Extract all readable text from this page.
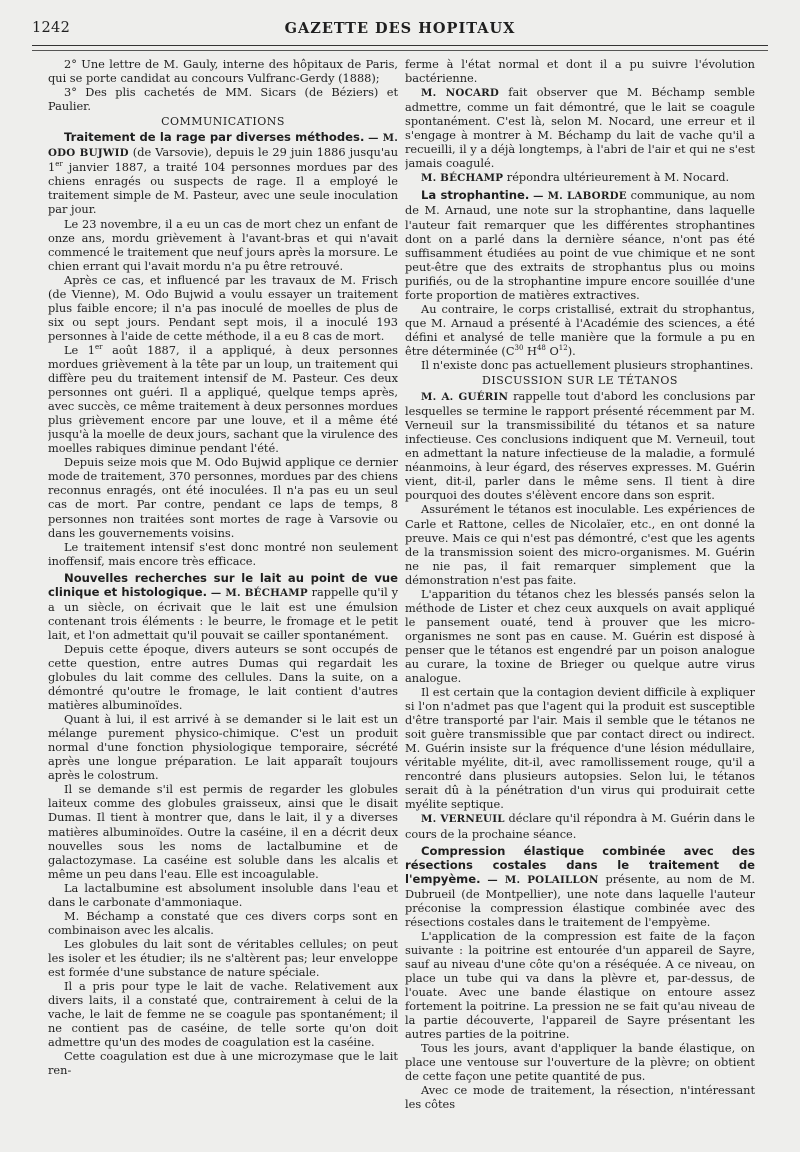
1242	GAZETTE DES HOPITAUX

2° Une lettre de M. Gauly, interne des hôpitaux de Paris, qui se porte candidat au concours Vulfranc-Gerdy (1888);

3° Des plis cachetés de MM. Sicars (de Béziers) et Paulier.

COMMUNICATIONS

Traitement de la rage par diverses méthodes. — M. ODO BUJWID (de Varsovie), depuis le 29 juin 1886 jusqu'au 1er janvier 1887, a traité 104 personnes mordues par des chiens enragés ou suspects de rage. Il a employé le traitement simple de M. Pasteur, avec une seule inoculation par jour.

Le 23 novembre, il a eu un cas de mort chez un enfant de onze ans, mordu grièvement à l'avant-bras et qui n'avait commencé le traitement que neuf jours après la morsure. Le chien errant qui l'avait mordu n'a pu être retrouvé.

Après ce cas, et influencé par les travaux de M. Frisch (de Vienne), M. Odo Bujwid a voulu essayer un traitement plus faible encore; il n'a pas inoculé de moelles de plus de six ou sept jours. Pendant sept mois, il a inoculé 193 personnes à l'aide de cette méthode, il a eu 8 cas de mort.

Le 1er août 1887, il a appliqué, à deux personnes mordues grièvement à la tête par un loup, un traitement qui diffère peu du traitement intensif de M. Pasteur. Ces deux personnes ont guéri. Il a appliqué, quelque temps après, avec succès, ce même traitement à deux personnes mordues plus grièvement encore par une louve, et il a même été jusqu'à la moelle de deux jours, sachant que la virulence des moelles rabiques diminue pendant l'été.

Depuis seize mois que M. Odo Bujwid applique ce dernier mode de traitement, 370 personnes, mordues par des chiens reconnus enragés, ont été inoculées. Il n'a pas eu un seul cas de mort. Par contre, pendant ce laps de temps, 8 personnes non traitées sont mortes de rage à Varsovie ou dans les gouvernements voisins.

Le traitement intensif s'est donc montré non seulement inoffensif, mais encore très efficace.

Nouvelles recherches sur le lait au point de vue clinique et histologique. — M. BÉCHAMP rappelle qu'il y a un siècle, on écrivait que le lait est une émulsion contenant trois éléments : le beurre, le fromage et le petit lait, et l'on admettait qu'il pouvait se cailler spontanément.

Depuis cette époque, divers auteurs se sont occupés de cette question, entre autres Dumas qui regardait les globules du lait comme des cellules. Dans la suite, on a démontré qu'outre le fromage, le lait contient d'autres matières albuminoïdes.

Quant à lui, il est arrivé à se demander si le lait est un mélange purement physico-chimique. C'est un produit normal d'une fonction physiologique temporaire, sécrété après une longue préparation. Le lait apparaît toujours après le colostrum.

Il se demande s'il est permis de regarder les globules laiteux comme des globules graisseux, ainsi que le disait Dumas. Il tient à montrer que, dans le lait, il y a diverses matières albuminoïdes. Outre la caséine, il en a décrit deux nouvelles sous les noms de lactalbumine et de galactozymase. La caséine est soluble dans les alcalis et même un peu dans l'eau. Elle est incoagulable.

La lactalbumine est absolument insoluble dans l'eau et dans le carbonate d'ammoniaque.

M. Béchamp a constaté que ces divers corps sont en combinaison avec les alcalis.

Les globules du lait sont de véritables cellules; on peut les isoler et les étudier; ils ne s'altèrent pas; leur enveloppe est formée d'une substance de nature spéciale.

Il a pris pour type le lait de vache. Relativement aux divers laits, il a constaté que, contrairement à celui de la vache, le lait de femme ne se coagule pas spontanément; il ne contient pas de caséine, de telle sorte qu'on doit admettre qu'un des modes de coagulation est la caséine.

Cette coagulation est due à une microzymase que le lait ren-

ferme à l'état normal et dont il a pu suivre l'évolution bactérienne.

M. NOCARD fait observer que M. Béchamp semble admettre, comme un fait démontré, que le lait se coagule spontanément. C'est là, selon M. Nocard, une erreur et il s'engage à montrer à M. Béchamp du lait de vache qu'il a recueilli, il y a déjà longtemps, à l'abri de l'air et qui ne s'est jamais coagulé.

M. BÉCHAMP répondra ultérieurement à M. Nocard.

La strophantine. — M. LABORDE communique, au nom de M. Arnaud, une note sur la strophantine, dans laquelle l'auteur fait remarquer que les différentes strophantines dont on a parlé dans la dernière séance, n'ont pas été suffisamment étudiées au point de vue chimique et ne sont peut-être que des extraits de strophantus plus ou moins purifiés, ou de la strophantine impure encore souillée d'une forte proportion de matières extractives.

Au contraire, le corps cristallisé, extrait du strophantus, que M. Arnaud a présenté à l'Académie des sciences, a été défini et analysé de telle manière que la formule a pu en être déterminée ($C^{30}$ $H^{48}$ $O^{12}$).

Il n'existe donc pas actuellement plusieurs strophantines.

DISCUSSION SUR LE TÉTANOS

M. A. GUÉRIN rappelle tout d'abord les conclusions par lesquelles se termine le rapport présenté récemment par M. Verneuil sur la transmissibilité du tétanos et sa nature infectieuse. Ces conclusions indiquent que M. Verneuil, tout en admettant la nature infectieuse de la maladie, a formulé néanmoins, à leur égard, des réserves expresses. M. Guérin vient, dit-il, parler dans le même sens. Il tient à dire pourquoi des doutes s'élèvent encore dans son esprit.

Assurément le tétanos est inoculable. Les expériences de Carle et Rattone, celles de Nicolaïer, etc., en ont donné la preuve. Mais ce qui n'est pas démontré, c'est que les agents de la transmission soient des micro-organismes. M. Guérin ne nie pas, il fait remarquer simplement que la démonstration n'est pas faite.

L'apparition du tétanos chez les blessés pansés selon la méthode de Lister et chez ceux auxquels on avait appliqué le pansement ouaté, tend à prouver que les micro-organismes ne sont pas en cause. M. Guérin est disposé à penser que le tétanos est engendré par un poison analogue au curare, la toxine de Brieger ou quelque autre virus analogue.

Il est certain que la contagion devient difficile à expliquer si l'on n'admet pas que l'agent qui la produit est susceptible d'être transporté par l'air. Mais il semble que le tétanos ne soit guère transmissible que par contact direct ou indirect. M. Guérin insiste sur la fréquence d'une lésion médullaire, véritable myélite, dit-il, avec ramollissement rouge, qu'il a rencontré dans plusieurs autopsies. Selon lui, le tétanos serait dû à la pénétration d'un virus qui produirait cette myélite septique.

M. VERNEUIL déclare qu'il répondra à M. Guérin dans le cours de la prochaine séance.

Compression élastique combinée avec des résections costales dans le traitement de l'empyème. — M. POLAILLON présente, au nom de M. Dubrueil (de Montpellier), une note dans laquelle l'auteur préconise la compression élastique combinée avec des résections costales dans le traitement de l'empyème.

L'application de la compression est faite de la façon suivante : la poitrine est entourée d'un appareil de Sayre, sauf au niveau d'une côte qu'on a réséquée. A ce niveau, on place un tube qui va dans la plèvre et, par-dessus, de l'ouate. Avec une bande élastique on entoure assez fortement la poitrine. La pression ne se fait qu'au niveau de la partie découverte, l'appareil de Sayre présentant les autres parties de la poitrine.

Tous les jours, avant d'appliquer la bande élastique, on place une ventouse sur l'ouverture de la plèvre; on obtient de cette façon une petite quantité de pus.

Avec ce mode de traitement, la résection, n'intéressant les côtes
